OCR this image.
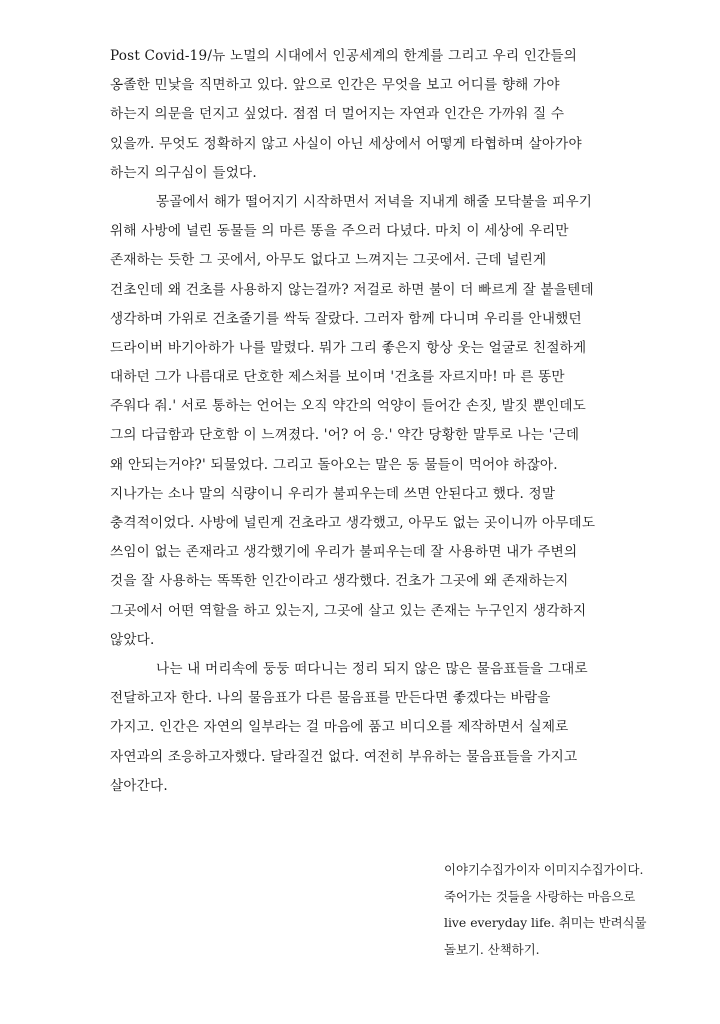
Post Covid-19/뉴 노멀의 시대에서 인공세계의 한계를 그리고 우리 인간들의
옹졸한 민낯을 직면하고 있다. 앞으로 인간은 무엇을 보고 어디를 향해 가야
하는지 의문을 던지고 싶었다. 점점 더 멀어지는 자연과 인간은 가까워 질 수
있을까. 무엇도 정확하지 않고 사실이 아닌 세상에서 어떻게 타협하며 살아가야
하는지 의구심이 들었다.
몽골에서 해가 떨어지기 시작하면서 저녁을 지내게 해줄 모닥불을 피우기
위해 사방에 널린 동물들 의 마른 똥을 주으러 다녔다. 마치 이 세상에 우리만
존재하는 듯한 그 곳에서, 아무도 없다고 느껴지는 그곳에서. 근데 널린게
건초인데 왜 건초를 사용하지 않는걸까? 저걸로 하면 불이 더 빠르게 잘 붙을텐데
생각하며 가위로 건초줄기를 싹둑 잘랐다. 그러자 함께 다니며 우리를 안내했던
드라이버 바기아하가 나를 말렸다. 뭐가 그리 좋은지 항상 웃는 얼굴로 친절하게
대하던 그가 나름대로 단호한 제스처를 보이며 '건초를 자르지마! 마 른 똥만
주워다 줘.' 서로 통하는 언어는 오직 약간의 억양이 들어간 손짓, 발짓 뿐인데도
그의 다급함과 단호함 이 느껴졌다. '어? 어 응.' 약간 당황한 말투로 나는 '근데
왜 안되는거야?' 되물었다. 그리고 돌아오는 말은 동 물들이 먹어야 하잖아.
지나가는 소나 말의 식량이니 우리가 불피우는데 쓰면 안된다고 했다. 정말
충격적이었다. 사방에 널린게 건초라고 생각했고, 아무도 없는 곳이니까 아무데도
쓰임이 없는 존재라고 생각했기에 우리가 불피우는데 잘 사용하면 내가 주변의
것을 잘 사용하는 똑똑한 인간이라고 생각했다. 건초가 그곳에 왜 존재하는지
그곳에서 어떤 역할을 하고 있는지, 그곳에 살고 있는 존재는 누구인지 생각하지
않았다.
나는 내 머리속에 둥둥 떠다니는 정리 되지 않은 많은 물음표들을 그대로
전달하고자 한다. 나의 물음표가 다른 물음표를 만든다면 좋겠다는 바람을
가지고. 인간은 자연의 일부라는 걸 마음에 품고 비디오를 제작하면서 실제로
자연과의 조응하고자했다. 달라질건 없다. 여전히 부유하는 물음표들을 가지고
살아간다.
이야기수집가이자 이미지수집가이다.
죽어가는 것들을 사랑하는 마음으로
live everyday life. 취미는 반려식물
돌보기. 산책하기.
